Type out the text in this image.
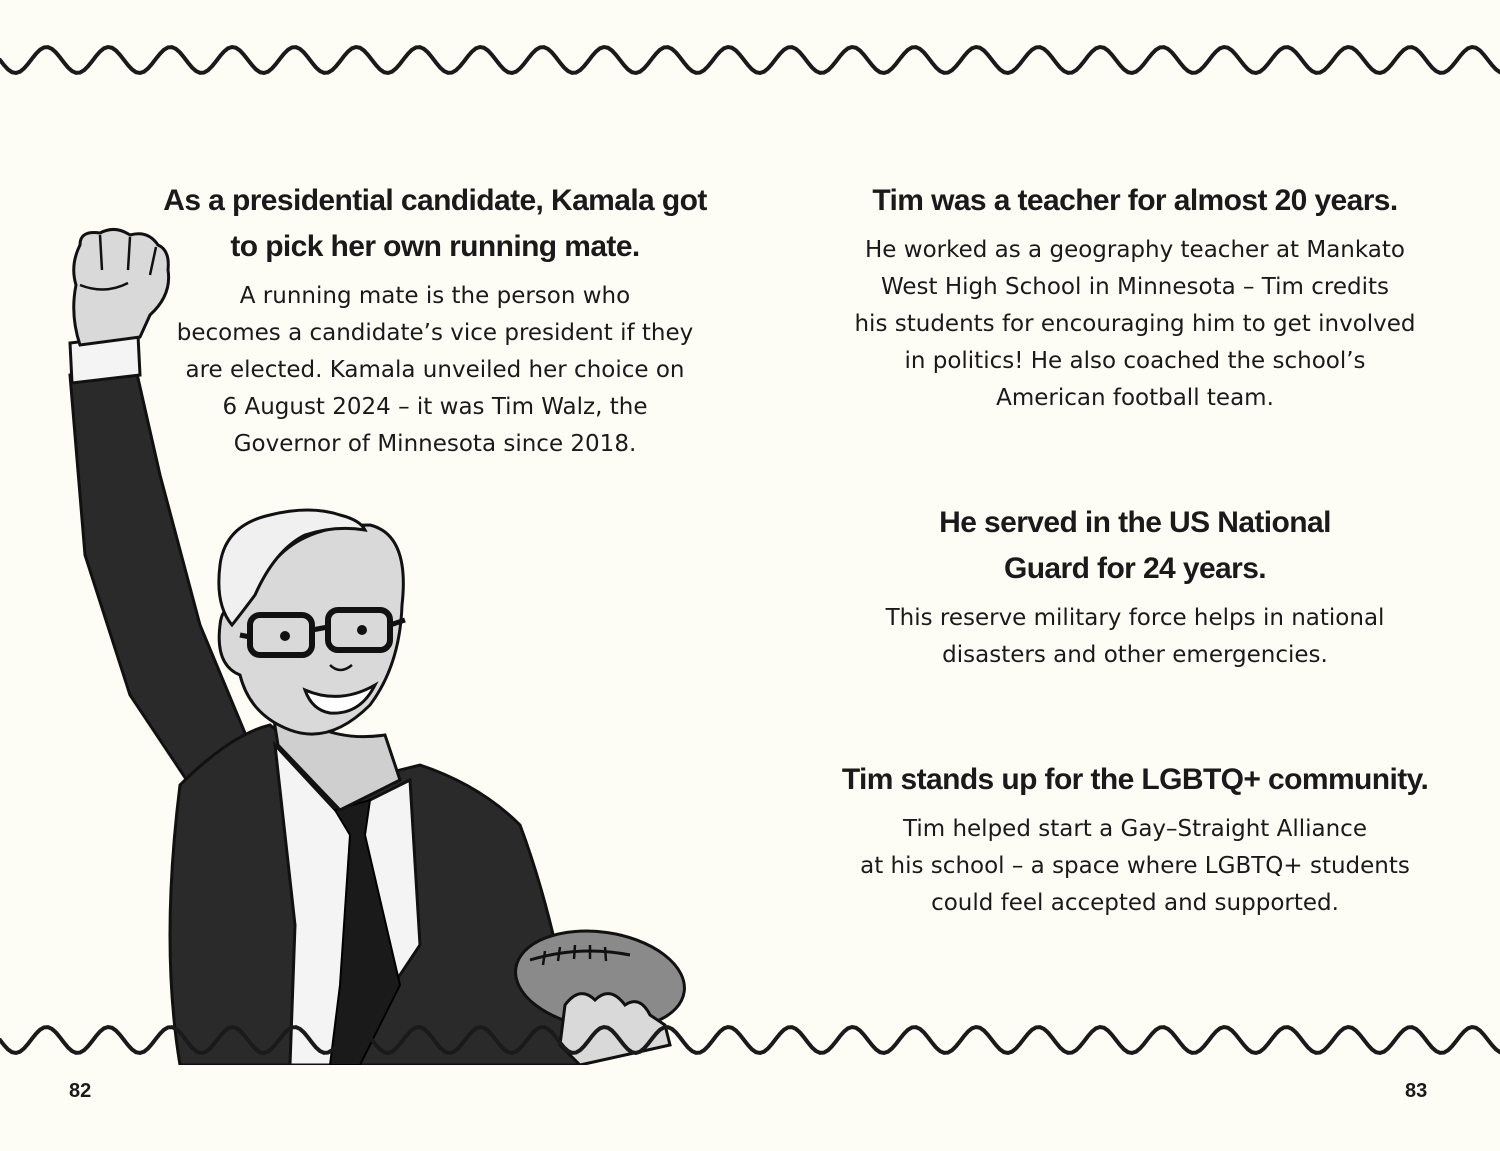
As a presidential candidate, Kamala got
to pick her own running mate.

A running mate is the person who
becomes a candidate’s vice president if they
are elected. Kamala unveiled her choice on
6 August 2024 – it was Tim Walz, the
Governor of Minnesota since 2018.

Tim was a teacher for almost 20 years.

He worked as a geography teacher at Mankato
West High School in Minnesota – Tim credits
his students for encouraging him to get involved
in politics! He also coached the school’s
American football team.

He served in the US National
Guard for 24 years.

This reserve military force helps in national
disasters and other emergencies.

Tim stands up for the LGBTQ+ community.

Tim helped start a Gay–Straight Alliance
at his school – a space where LGBTQ+ students
could feel accepted and supported.

82	83
